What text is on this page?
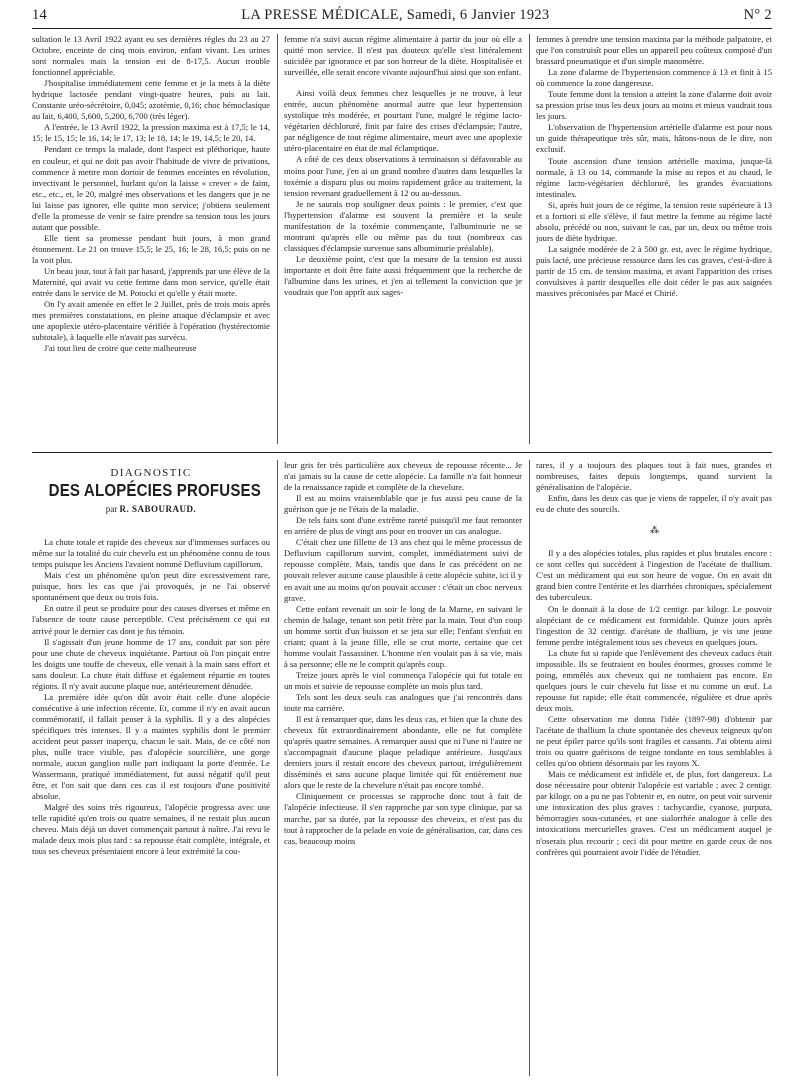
14	LA PRESSE MÉDICALE, Samedi, 6 Janvier 1923	N° 2

sultation le 13 Avril 1922 ayant eu ses dernières règles du 23 au 27 Octobre, enceinte de cinq mois environ, enfant vivant. Les urines sont normales mais la tension est de 8-17,5. Aucun trouble fonctionnel appréciable.

J'hospitalise immédiatement cette femme et je la mets à la diète hydrique lactosée pendant vingt-quatre heures, puis au lait. Constante uréo-sécrétoire, 0,045; azotémie, 0,16; choc hémoclasique au lait, 6,400, 5,600, 5,200, 6,700 (très léger).

A l'entrée, le 13 Avril 1922, la pression maxima est à 17,5; le 14, 15; le 15, 15; le 16, 14; le 17, 13; le 18, 14; le 19, 14,5; le 20, 14.

Pendant ce temps la malade, dont l'aspect est pléthorique, haute en couleur, et qui ne doit pas avoir l'habitude de vivre de privations, commence à mettre mon dortoir de femmes enceintes en révolution, invectivant le personnel, hurlant qu'on la laisse « crever » de faim, etc., etc., et, le 20, malgré mes observations et les dangers que je ne lui laisse pas ignorer, elle quitte mon service; j'obtiens seulement d'elle la promesse de venir se faire prendre sa tension tous les jours autant que possible.

Elle tient sa promesse pendant huit jours, à mon grand étonnement. Le 21 on trouve 15,5; le 25, 16; le 28, 16,5; puis on ne la voit plus.

Un beau jour, tout à fait par hasard, j'apprends par une élève de la Maternité, qui avait vu cette femme dans mon service, qu'elle était entrée dans le service de M. Potocki et qu'elle y était morte.

On l'y avait amenée en effet le 2 Juillet, près de trois mois après mes premières constatations, en pleine attaque d'éclampsie et avec une apoplexie utéro-placentaire vérifiée à l'opération (hystérectomie subtotale), à laquelle elle n'avait pas survécu.

J'ai tout lieu de croire que cette malheureuse

femme n'a suivi aucun régime alimentaire à partir du jour où elle a quitté mon service. Il n'est pas douteux qu'elle s'est littéralement suicidée par ignorance et par son horreur de la diète. Hospitalisée et surveillée, elle serait encore vivante aujourd'hui ainsi que son enfant.

Ainsi voilà deux femmes chez lesquelles je ne trouve, à leur entrée, aucun phénomène anormal autre que leur hypertension systolique très modérée, et pourtant l'une, malgré le régime lacto-végétarien déchloruré, finit par faire des crises d'éclampsie; l'autre, par négligence de tout régime alimentaire, meurt avec une apoplexie utéro-placentaire en état de mal éclamptique.

A côté de ces deux observations à terminaison si défavorable au moins pour l'une, j'en ai un grand nombre d'autres dans lesquelles la toxémie a disparu plus ou moins rapidement grâce au traitement, la tension revenant graduellement à 12 ou au-dessous.

Je ne saurais trop souligner deux points : le premier, c'est que l'hypertension d'alarme est souvent la première et la seule manifestation de la toxémie commençante, l'albuminurie ne se montrant qu'après elle ou même pas du tout (nombreux cas classiques d'éclampsie survenue sans albuminurie préalable).

Le deuxième point, c'est que la mesure de la tension est aussi importante et doit être faite aussi fréquemment que la recherche de l'albumine dans les urines, et j'en ai tellement la conviction que je voudrais que l'on apprît aux sages-

femmes à prendre une tension maxima par la méthode palpatoire, et que l'on construisît pour elles un appareil peu coûteux composé d'un brassard pneumatique et d'un simple manomètre.

La zone d'alarme de l'hypertension commence à 13 et finit à 15 où commence la zone dangereuse.

Toute femme dont la tension a atteint la zone d'alarme doit avoir sa pression prise tous les deux jours au moins et mieux vaudrait tous les jours.

L'observation de l'hypertension artérielle d'alarme est pour nous un guide thérapeutique très sûr, mais, hâtons-nous de le dire, non exclusif.

Toute ascension d'une tension artérielle maxima, jusque-là normale, à 13 ou 14, commande la mise au repos et au chaud, le régime lacto-végétarien déchloruré, les grandes évacuations intestinales.

Si, après huit jours de ce régime, la tension reste supérieure à 13 et a fortiori si elle s'élève, il faut mettre la femme au régime lacté absolu, précédé ou non, suivant le cas, par un, deux ou même trois jours de diète hydrique.

La saignée modérée de 2 à 500 gr. est, avec le régime hydrique, puis lacté, une précieuse ressource dans les cas graves, c'est-à-dire à partir de 15 cm. de tension maxima, et avant l'apparition des crises convulsives à partir desquelles elle doit céder le pas aux saignées massives préconisées par Macé et Chirié.

DIAGNOSTIC
DES ALOPÉCIES PROFUSES
par R. SABOURAUD.

La chute totale et rapide des cheveux sur d'immenses surfaces ou même sur la totalité du cuir chevelu est un phénomène connu de tous temps puisque les Anciens l'avaient nommé Defluvium capillorum.

Mais c'est un phénomène qu'on peut dire excessivement rare, puisque, hors les cas que j'ai provoqués, je ne l'ai observé spontanément que deux ou trois fois.

En outre il peut se produire pour des causes diverses et même en l'absence de toute cause perceptible. C'est précisément ce qui est arrivé pour le dernier cas dont je fus témoin.

Il s'agissait d'un jeune homme de 17 ans, conduit par son père pour une chute de cheveux inquiétante. Partout où l'on pinçait entre les doigts une touffe de cheveux, elle venait à la main sans effort et sans douleur. La chute était diffuse et également répartie en toutes régions. Il n'y avait aucune plaque nue, antérieurement dénudée.

La première idée qu'on dût avoir était celle d'une alopécie consécutive à une infection récente. Et, comme il n'y en avait aucun commémoratif, il fallait penser à la syphilis. Il y a des alopécies spécifiques très intenses. Il y a maintes syphilis dont le premier accident peut passer inaperçu, chacun le sait. Mais, de ce côté non plus, nulle trace visible, pas d'alopécie sourcilière, une gorge normale, aucun ganglion nulle part indiquant la porte d'entrée. Le Wassermann, pratiqué immédiatement, fut aussi négatif qu'il peut être, et l'on sait que dans ces cas il est toujours d'une positivité absolue.

Malgré des soins très rigoureux, l'alopécie progressa avec une telle rapidité qu'en trois ou quatre semaines, il ne restait plus aucun cheveu. Mais déjà un duvet commençait partout à naître. J'ai revu le malade deux mois plus tard : sa repousse était complète, intégrale, et tous ses cheveux présentaient encore à leur extrémité la cou-

leur gris fer très particulière aux cheveux de repousse récente... Je n'ai jamais su la cause de cette alopécie. La famille n'a fait honneur de la renaissance rapide et complète de la chevelure.

Il est au moins vraisemblable que je fus aussi peu cause de la guérison que je ne l'étais de la maladie.

De tels faits sont d'une extrême rareté puisqu'il me faut remonter en arrière de plus de vingt ans pour en trouver un cas analogue.

C'était chez une fillette de 13 ans chez qui le même processus de Defluvium capillorum survint, complet, immédiatement suivi de repousse complète. Mais, tandis que dans le cas précédent on ne pouvait relever aucune cause plausible à cette alopécie subite, ici il y en avait une au moins qu'on pouvait accuser : c'était un choc nerveux grave.

Cette enfant revenait un soir le long de la Marne, en suivant le chemin de halage, tenant son petit frère par la main. Tout d'un coup un homme sortit d'un buisson et se jeta sur elle; l'enfant s'enfuit en criant; quant à la jeune fille, elle se crut morte, certaine que cet homme voulait l'assassiner. L'homme n'en voulait pas à sa vie, mais à sa personne; elle ne le comprit qu'après coup.

Treize jours après le viol commença l'alopécie qui fut totale en un mois et suivie de repousse complète un mois plus tard.

Tels sont les deux seuls cas analogues que j'ai rencontrés dans toute ma carrière.

Il est à remarquer que, dans les deux cas, et bien que la chute des cheveux fût extraordinairement abondante, elle ne fut complète qu'après quatre semaines. A remarquer aussi que ni l'une ni l'autre ne s'accompagnait d'aucune plaque peladique antérieure. Jusqu'aux derniers jours il restait encore des cheveux partout, irrégulièrement disséminés et sans aucune plaque limitée qui fût entièrement nue alors que le reste de la chevelure n'était pas encore tombé.

Cliniquement ce processus se rapproche donc tout à fait de l'alopécie infectieuse. Il s'en rapproche par son type clinique, par sa marche, par sa durée, par la repousse des cheveux, et n'est pas du tout à rapprocher de la pelade en voie de généralisation, car, dans ces cas, beaucoup moins

rares, il y a toujours des plaques tout à fait nues, grandes et nombreuses, faites depuis longtemps, quand survient la généralisation de l'alopécie.

Enfin, dans les deux cas que je viens de rappeler, il n'y avait pas eu de chute des sourcils.

⁂

Il y a des alopécies totales, plus rapides et plus brutales encore : ce sont celles qui succèdent à l'ingestion de l'acétate de thallium. C'est un médicament qui eut son heure de vogue. On en avait dit grand bien contre l'entérite et les diarrhées chroniques, spécialement des tuberculeux.

On le donnait à la dose de 1/2 centigr. par kilogr. Le pouvoir alopéciant de ce médicament est formidable. Quinze jours après l'ingestion de 32 centigr. d'acétate de thallium, je vis une jeune femme perdre intégralement tous ses cheveux en quelques jours.

La chute fut si rapide que l'enlèvement des cheveux caducs était impossible. Ils se feutraient en boules énormes, grosses comme le poing, emmêlés aux cheveux qui ne tombaient pas encore. En quelques jours le cuir chevelu fut lisse et nu comme un œuf. La repousse fut rapide; elle était commencée, régulière et drue après deux mois.

Cette observation me donna l'idée (1897-98) d'obtenir par l'acétate de thallium la chute spontanée des cheveux teigneux qu'on ne peut épiler parce qu'ils sont fragiles et cassants. J'ai obtenu ainsi trois ou quatre guérisons de teigne tondante en tous semblables à celles qu'on obtient désormais par les rayons X.

Mais ce médicament est infidèle et, de plus, fort dangereux. La dose nécessaire pour obtenir l'alopécie est variable ; avec 2 centigr. par kilogr. on a pu ne pas l'obtenir et, en outre, on peut voir survenir une intoxication des plus graves : tachycardie, cyanose, purpura, hémorragies sous-cutanées, et une sialorrhée analogue à celle des intoxications mercurielles graves. C'est un médicament auquel je n'oserais plus recourir ; ceci dit pour mettre en garde ceux de nos confrères qui pourraient avoir l'idée de l'étudier.
